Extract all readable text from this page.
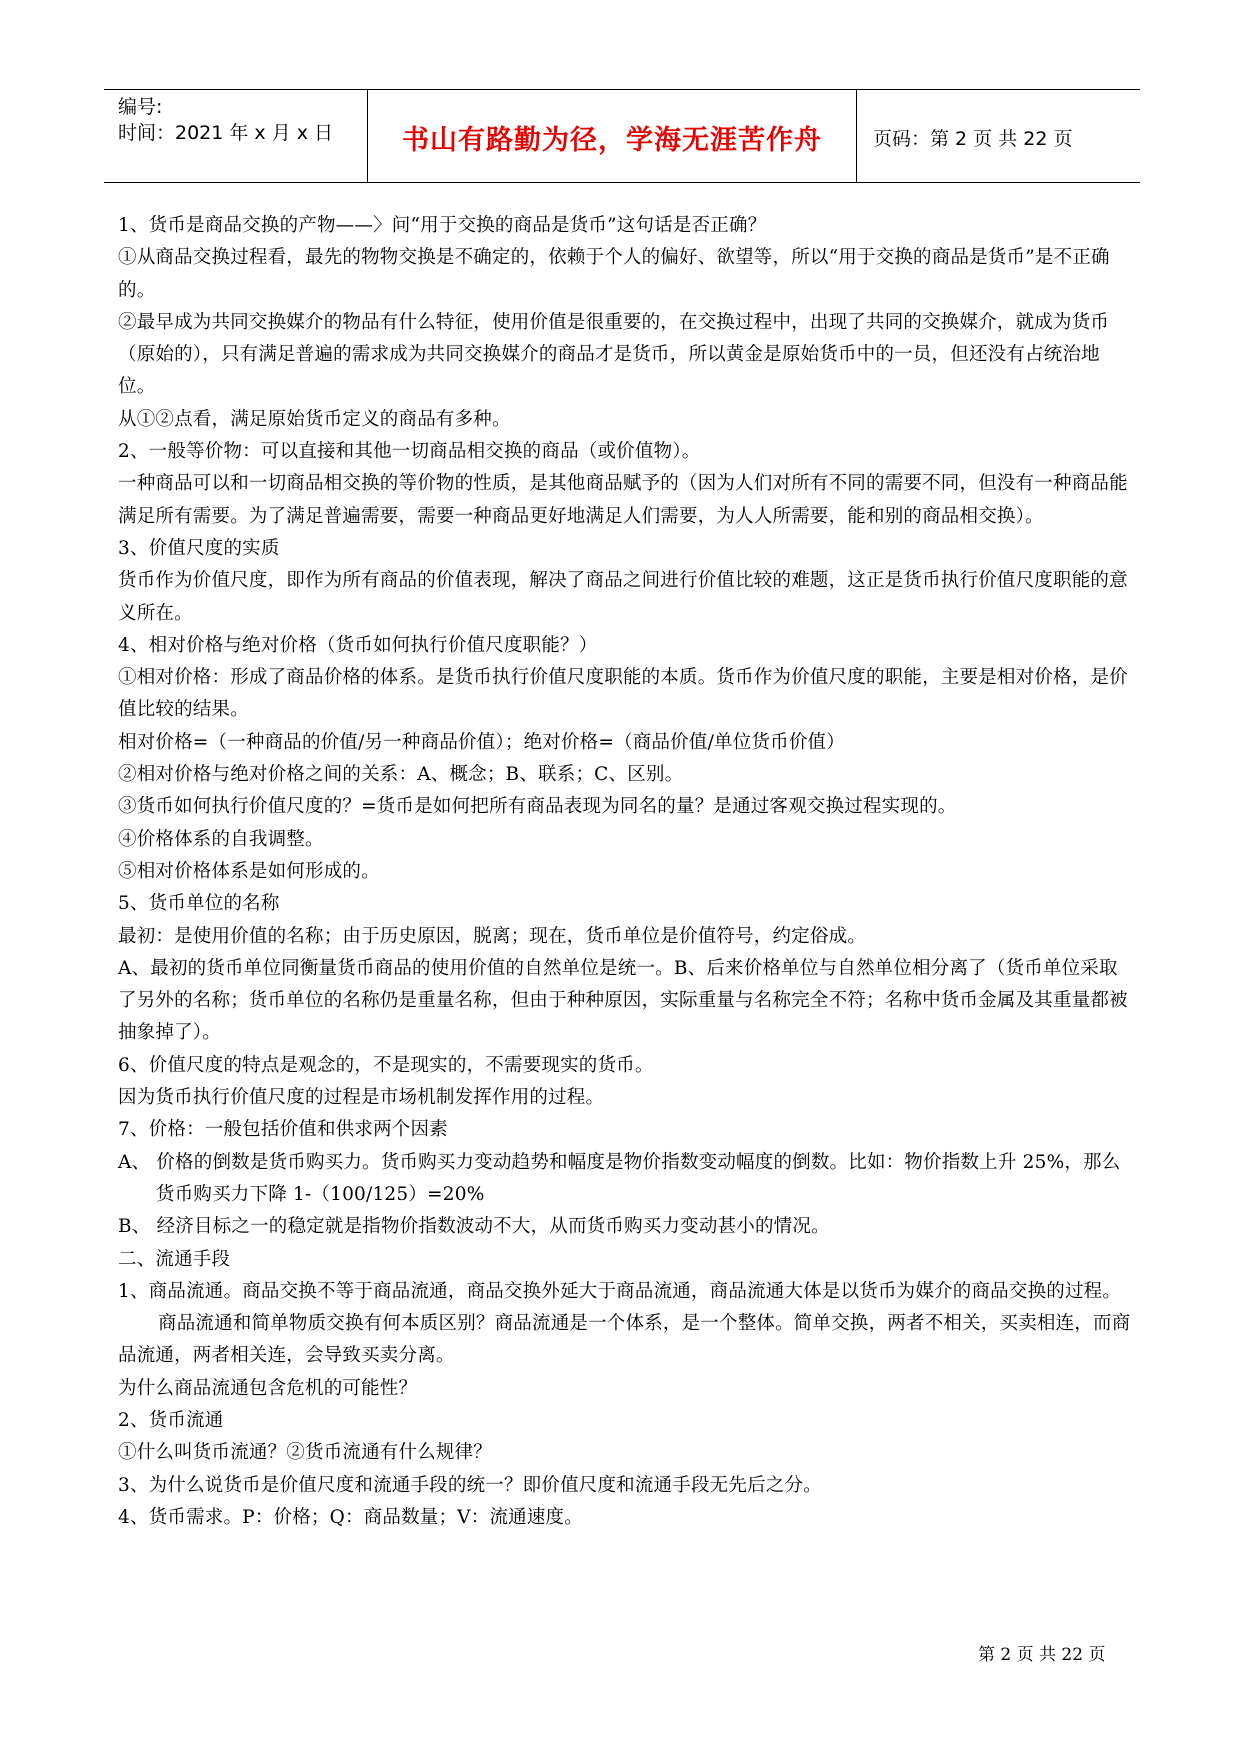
编号:
时间：2021 年 x 月 x 日	书山有路勤为径，学海无涯苦作舟	页码：第 2 页 共 22 页

1、货币是商品交换的产物——〉问“用于交换的商品是货币”这句话是否正确？

①从商品交换过程看，最先的物物交换是不确定的，依赖于个人的偏好、欲望等，所以“用于交换的商品是货币”是不正确的。

②最早成为共同交换媒介的物品有什么特征，使用价值是很重要的，在交换过程中，出现了共同的交换媒介，就成为货币（原始的），只有满足普遍的需求成为共同交换媒介的商品才是货币，所以黄金是原始货币中的一员，但还没有占统治地位。

从①②点看，满足原始货币定义的商品有多种。

2、一般等价物：可以直接和其他一切商品相交换的商品（或价值物）。

一种商品可以和一切商品相交换的等价物的性质，是其他商品赋予的（因为人们对所有不同的需要不同，但没有一种商品能满足所有需要。为了满足普遍需要，需要一种商品更好地满足人们需要，为人人所需要，能和别的商品相交换）。

3、价值尺度的实质

货币作为价值尺度，即作为所有商品的价值表现，解决了商品之间进行价值比较的难题，这正是货币执行价值尺度职能的意义所在。

4、相对价格与绝对价格（货币如何执行价值尺度职能？）

①相对价格：形成了商品价格的体系。是货币执行价值尺度职能的本质。货币作为价值尺度的职能，主要是相对价格，是价值比较的结果。

相对价格=（一种商品的价值/另一种商品价值）；绝对价格=（商品价值/单位货币价值）

②相对价格与绝对价格之间的关系：A、概念；B、联系；C、区别。

③货币如何执行价值尺度的？=货币是如何把所有商品表现为同名的量？是通过客观交换过程实现的。

④价格体系的自我调整。

⑤相对价格体系是如何形成的。

5、货币单位的名称

最初：是使用价值的名称；由于历史原因，脱离；现在，货币单位是价值符号，约定俗成。

A、最初的货币单位同衡量货币商品的使用价值的自然单位是统一。B、后来价格单位与自然单位相分离了（货币单位采取了另外的名称；货币单位的名称仍是重量名称，但由于种种原因，实际重量与名称完全不符；名称中货币金属及其重量都被抽象掉了）。

6、价值尺度的特点是观念的，不是现实的，不需要现实的货币。

因为货币执行价值尺度的过程是市场机制发挥作用的过程。

7、价格：一般包括价值和供求两个因素

A、 价格的倒数是货币购买力。货币购买力变动趋势和幅度是物价指数变动幅度的倒数。比如：物价指数上升 25%，那么货币购买力下降 1-（100/125）=20%

B、 经济目标之一的稳定就是指物价指数波动不大，从而货币购买力变动甚小的情况。

二、流通手段

1、商品流通。商品交换不等于商品流通，商品交换外延大于商品流通，商品流通大体是以货币为媒介的商品交换的过程。

商品流通和简单物质交换有何本质区别？商品流通是一个体系，是一个整体。简单交换，两者不相关，买卖相连，而商品流通，两者相关连，会导致买卖分离。

为什么商品流通包含危机的可能性？

2、货币流通

①什么叫货币流通？②货币流通有什么规律？

3、为什么说货币是价值尺度和流通手段的统一？即价值尺度和流通手段无先后之分。

4、货币需求。P：价格；Q：商品数量；V：流通速度。

第 2 页 共 22 页
